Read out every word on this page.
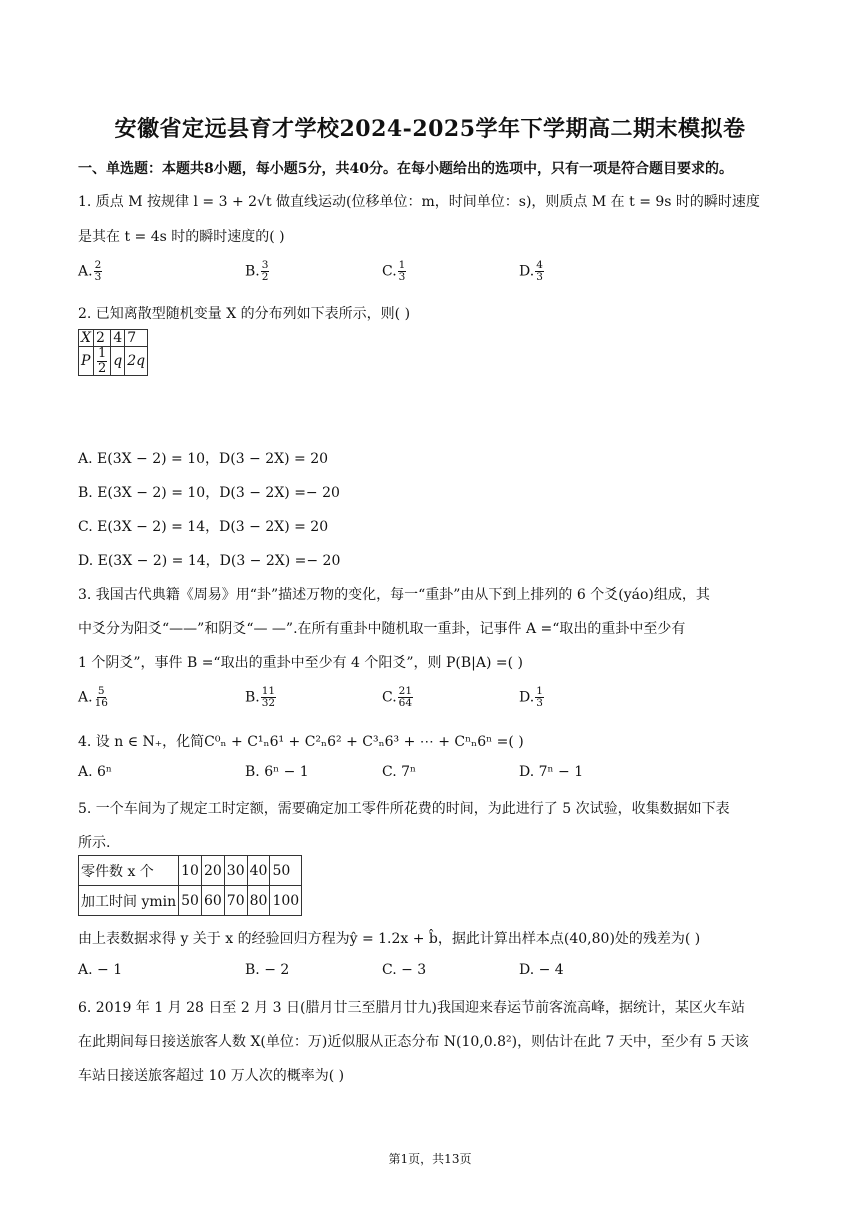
安徽省定远县育才学校2024-2025学年下学期高二期末模拟卷
一、单选题：本题共8小题，每小题5分，共40分。在每小题给出的选项中，只有一项是符合题目要求的。
1. 质点 M 按规律 l = 3 + 2√t 做直线运动(位移单位：m，时间单位：s)，则质点 M 在 t = 9s 时的瞬时速度
是其在 t = 4s 时的瞬时速度的( )
A. $\frac{2}{3}$	B. $\frac{3}{2}$	C. $\frac{1}{3}$	D. $\frac{4}{3}$
2. 已知离散型随机变量 X 的分布列如下表所示，则( )
X	2	4	7
P	$\frac{1}{2}$	q	2q
A. E(3X − 2) = 10，D(3 − 2X) = 20
B. E(3X − 2) = 10，D(3 − 2X) =− 20
C. E(3X − 2) = 14，D(3 − 2X) = 20
D. E(3X − 2) = 14，D(3 − 2X) =− 20
3. 我国古代典籍《周易》用“卦”描述万物的变化，每一“重卦”由从下到上排列的 6 个爻(yáo)组成，其
中爻分为阳爻“——”和阴爻“— —”.在所有重卦中随机取一重卦，记事件 A =“取出的重卦中至少有
1 个阴爻”，事件 B =“取出的重卦中至少有 4 个阳爻”，则 P(B|A) =( )
A. $\frac{5}{16}$	B. $\frac{11}{32}$	C. $\frac{21}{64}$	D. $\frac{1}{3}$
4. 设 n ∈ N₊，化简C⁰ₙ + C¹ₙ6¹ + C²ₙ6² + C³ₙ6³ + ⋯ + Cⁿₙ6ⁿ =( )
A. 6ⁿ	B. 6ⁿ − 1	C. 7ⁿ	D. 7ⁿ − 1
5. 一个车间为了规定工时定额，需要确定加工零件所花费的时间，为此进行了 5 次试验，收集数据如下表
所示.
零件数 x 个	10	20	30	40	50
加工时间 ymin	50	60	70	80	100
由上表数据求得 y 关于 x 的经验回归方程为ŷ = 1.2x + b̂，据此计算出样本点(40,80)处的残差为( )
A. − 1	B. − 2	C. − 3	D. − 4
6. 2019 年 1 月 28 日至 2 月 3 日(腊月廿三至腊月廿九)我国迎来春运节前客流高峰，据统计，某区火车站
在此期间每日接送旅客人数 X(单位：万)近似服从正态分布 N(10,0.8²)，则估计在此 7 天中，至少有 5 天该
车站日接送旅客超过 10 万人次的概率为( )
第1页，共13页
